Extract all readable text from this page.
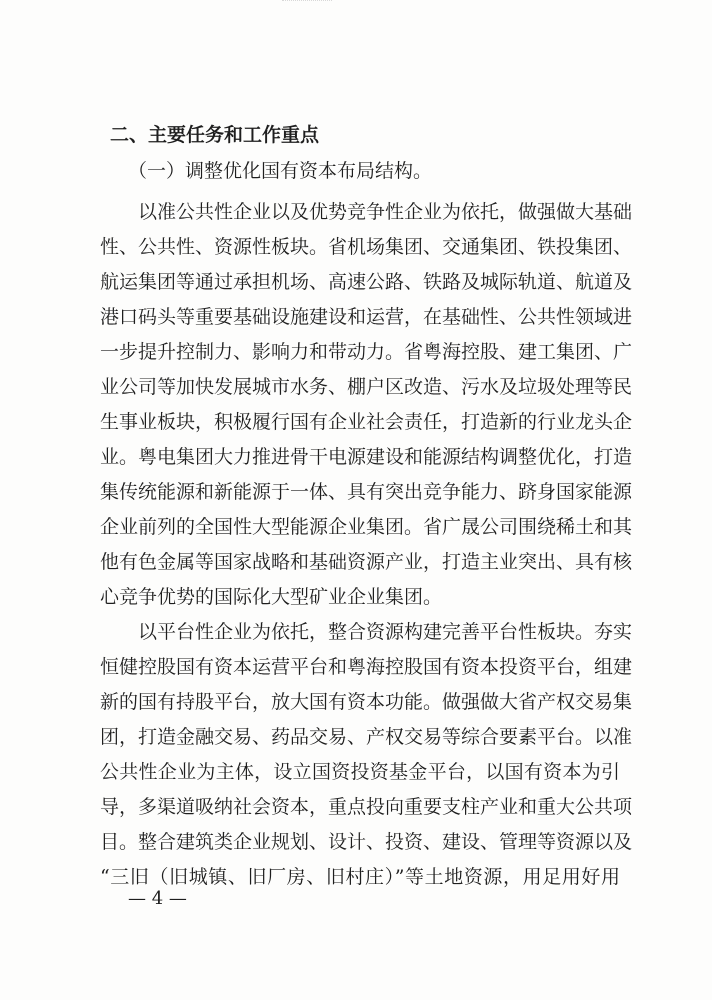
二、主要任务和工作重点
（一）调整优化国有资本布局结构。
以准公共性企业以及优势竞争性企业为依托，做强做大基础
性、公共性、资源性板块。省机场集团、交通集团、铁投集团、
航运集团等通过承担机场、高速公路、铁路及城际轨道、航道及
港口码头等重要基础设施建设和运营，在基础性、公共性领域进
一步提升控制力、影响力和带动力。省粤海控股、建工集团、广
业公司等加快发展城市水务、棚户区改造、污水及垃圾处理等民
生事业板块，积极履行国有企业社会责任，打造新的行业龙头企
业。粤电集团大力推进骨干电源建设和能源结构调整优化，打造
集传统能源和新能源于一体、具有突出竞争能力、跻身国家能源
企业前列的全国性大型能源企业集团。省广晟公司围绕稀土和其
他有色金属等国家战略和基础资源产业，打造主业突出、具有核
心竞争优势的国际化大型矿业企业集团。
以平台性企业为依托，整合资源构建完善平台性板块。夯实
恒健控股国有资本运营平台和粤海控股国有资本投资平台，组建
新的国有持股平台，放大国有资本功能。做强做大省产权交易集
团，打造金融交易、药品交易、产权交易等综合要素平台。以准
公共性企业为主体，设立国资投资基金平台，以国有资本为引
导，多渠道吸纳社会资本，重点投向重要支柱产业和重大公共项
目。整合建筑类企业规划、设计、投资、建设、管理等资源以及
“三旧（旧城镇、旧厂房、旧村庄）”等土地资源，用足用好用
— 4 —
